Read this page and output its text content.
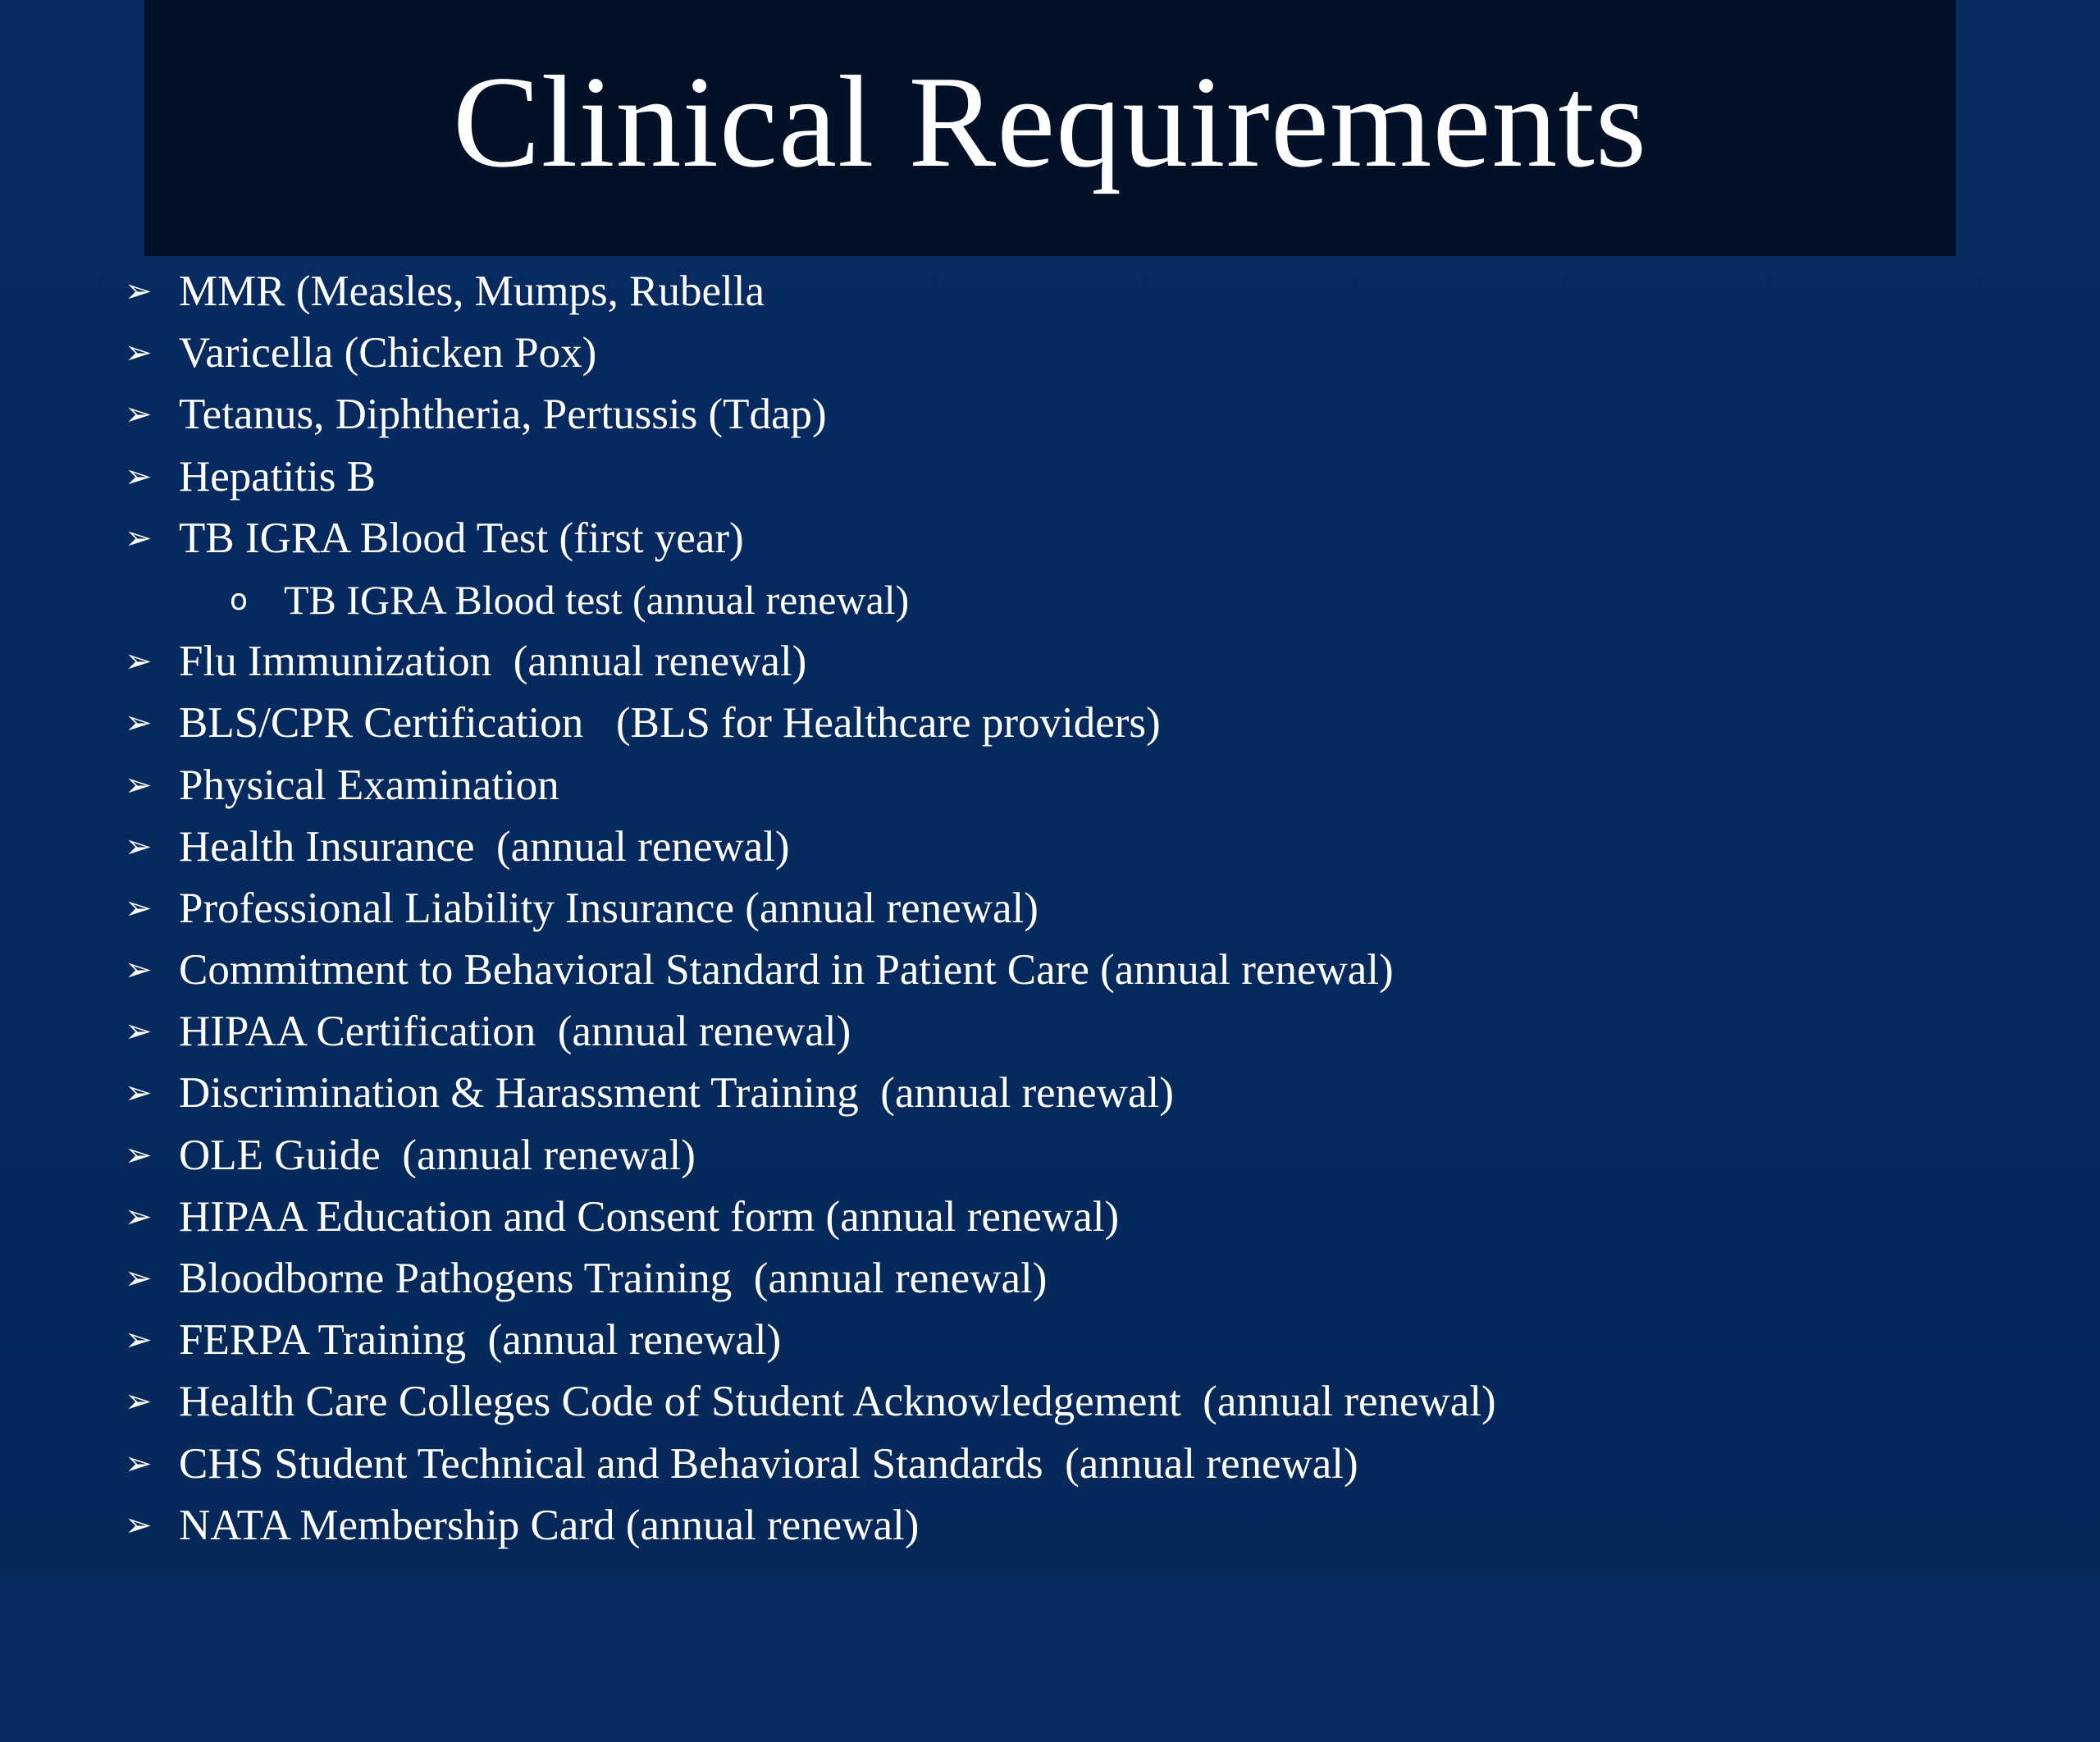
Clinical Requirements

➢

MMR (Measles, Mumps, Rubella

➢

Varicella (Chicken Pox)

➢

Tetanus, Diphtheria, Pertussis (Tdap)

➢

Hepatitis B

➢

TB IGRA Blood Test (first year)

o

TB IGRA Blood test (annual renewal)

➢

Flu Immunization  (annual renewal)

➢

BLS/CPR Certification   (BLS for Healthcare providers)

➢

Physical Examination

➢

Health Insurance  (annual renewal)

➢

Professional Liability Insurance (annual renewal)

➢

Commitment to Behavioral Standard in Patient Care (annual renewal)

➢

HIPAA Certification  (annual renewal)

➢

Discrimination & Harassment Training  (annual renewal)

➢

OLE Guide  (annual renewal)

➢

HIPAA Education and Consent form (annual renewal)

➢

Bloodborne Pathogens Training  (annual renewal)

➢

FERPA Training  (annual renewal)

➢

Health Care Colleges Code of Student Acknowledgement  (annual renewal)

➢

CHS Student Technical and Behavioral Standards  (annual renewal)

➢

NATA Membership Card (annual renewal)
